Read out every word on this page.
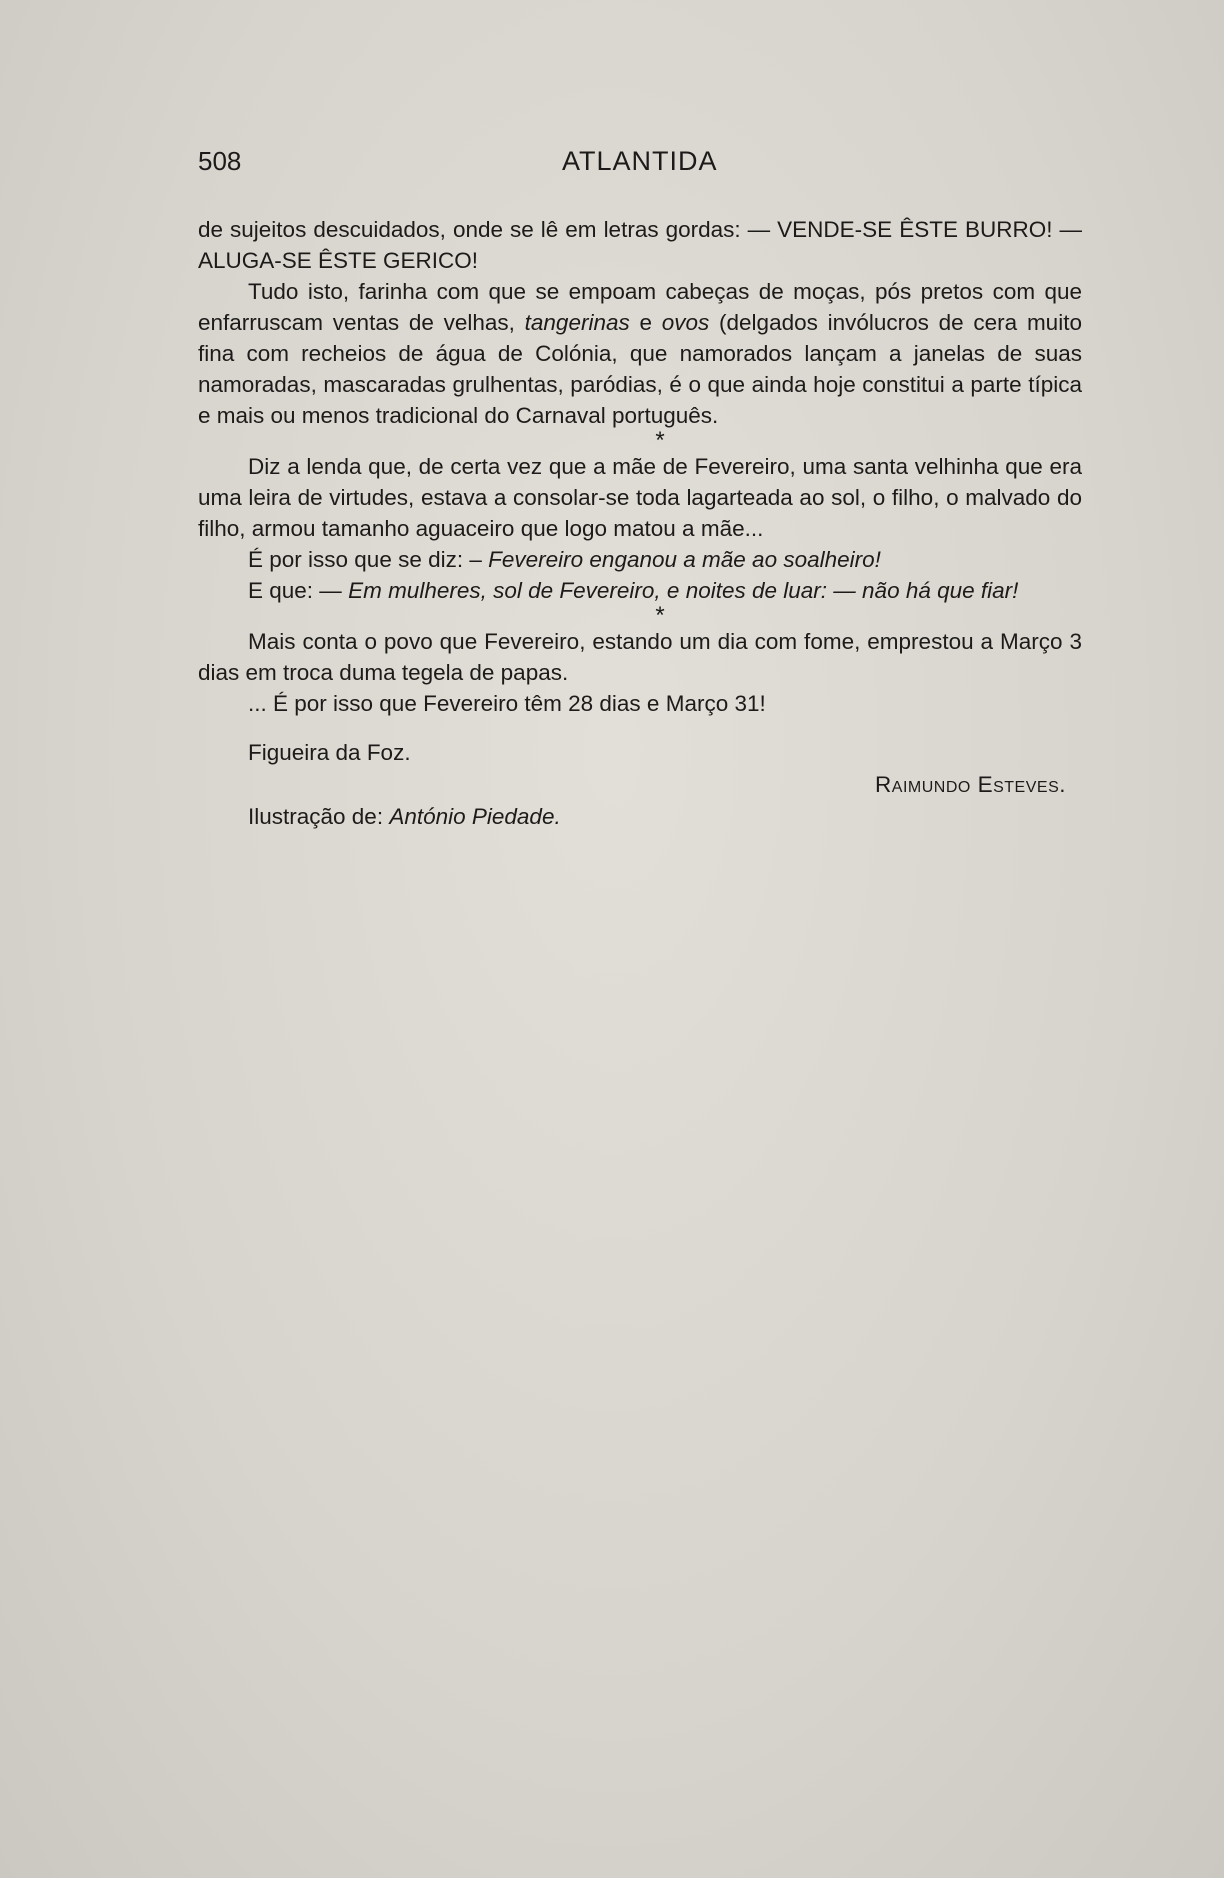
508	ATLANTIDA

de sujeitos descuidados, onde se lê em letras gordas: — VENDE-SE ÊSTE BURRO! — ALUGA-SE ÊSTE GERICO!

Tudo isto, farinha com que se empoam cabeças de moças, pós pretos com que enfarruscam ventas de velhas, tangerinas e ovos (delgados invólucros de cera muito fina com recheios de água de Colónia, que namorados lançam a janelas de suas namoradas, mascaradas grulhentas, paródias, é o que ainda hoje constitui a parte típica e mais ou menos tradicional do Carnaval português.

*

Diz a lenda que, de certa vez que a mãe de Fevereiro, uma santa velhinha que era uma leira de virtudes, estava a consolar-se toda lagarteada ao sol, o filho, o malvado do filho, armou tamanho aguaceiro que logo matou a mãe...

É por isso que se diz: – Fevereiro enganou a mãe ao soalheiro!

E que: — Em mulheres, sol de Fevereiro, e noites de luar: — não há que fiar!

*

Mais conta o povo que Fevereiro, estando um dia com fome, emprestou a Março 3 dias em troca duma tegela de papas.

... É por isso que Fevereiro têm 28 dias e Março 31!

Figueira da Foz.
Raimundo Esteves.
Ilustração de: António Piedade.
